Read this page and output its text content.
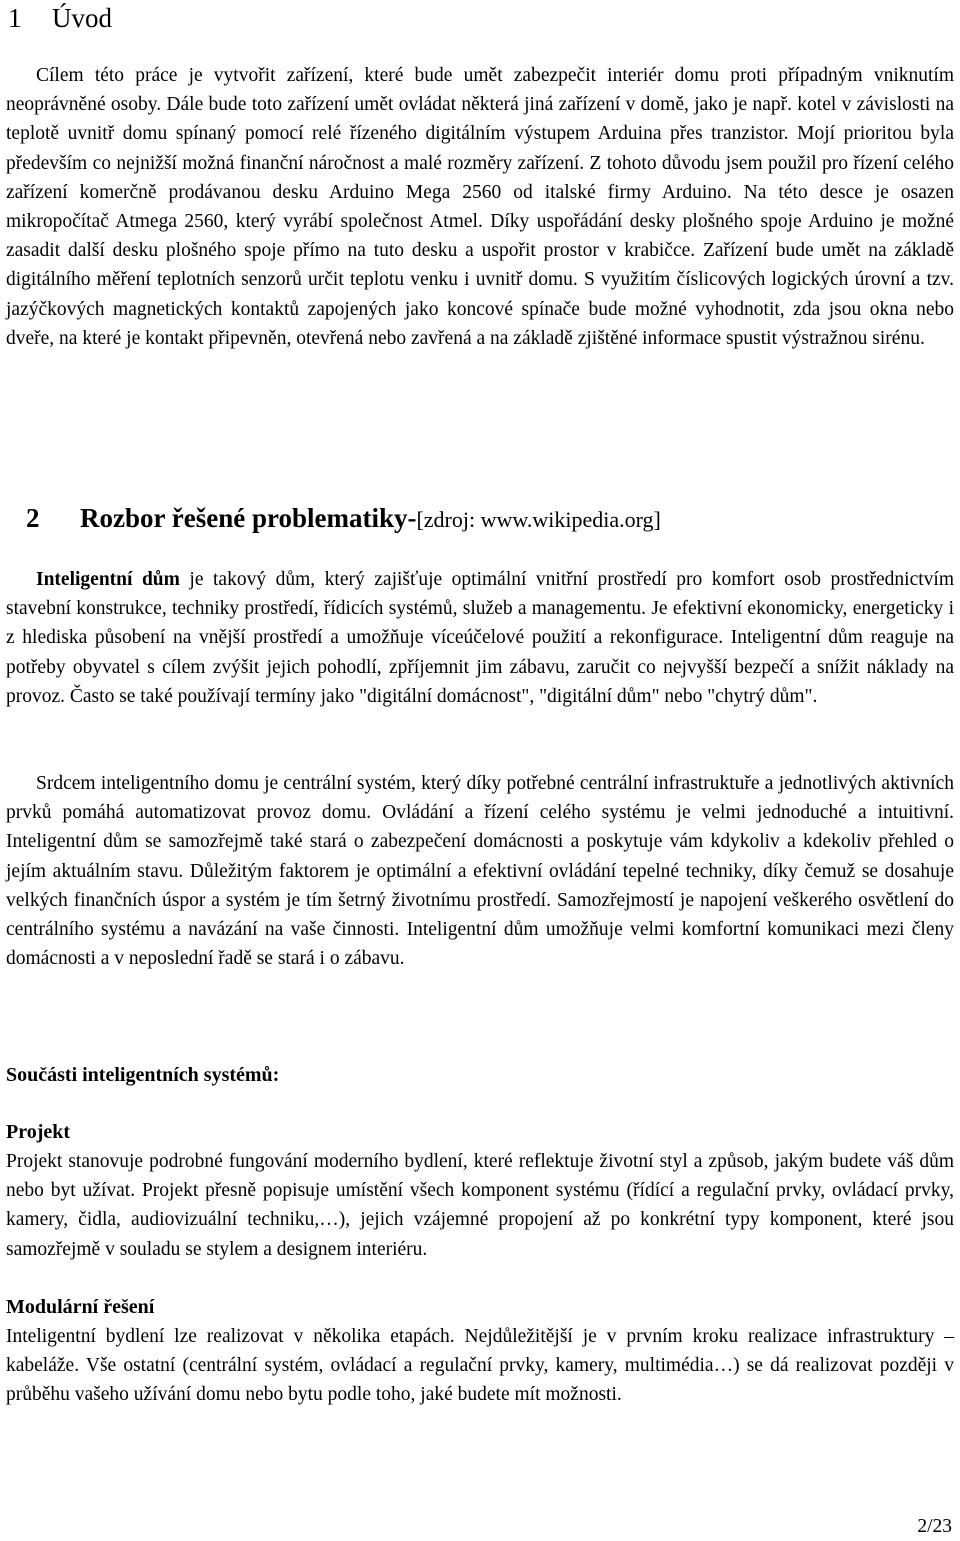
1 Úvod

Cílem této práce je vytvořit zařízení, které bude umět zabezpečit interiér domu proti případným vniknutím neoprávněné osoby. Dále bude toto zařízení umět ovládat některá jiná zařízení v domě, jako je např. kotel v závislosti na teplotě uvnitř domu spínaný pomocí relé řízeného digitálním výstupem Arduina přes tranzistor. Mojí prioritou byla především co nejnižší možná finanční náročnost a malé rozměry zařízení. Z tohoto důvodu jsem použil pro řízení celého zařízení komerčně prodávanou desku Arduino Mega 2560 od italské firmy Arduino. Na této desce je osazen mikropočítač Atmega 2560, který vyrábí společnost Atmel. Díky uspořádání desky plošného spoje Arduino je možné zasadit další desku plošného spoje přímo na tuto desku a uspořit prostor v krabičce. Zařízení bude umět na základě digitálního měření teplotních senzorů určit teplotu venku i uvnitř domu. S využitím číslicových logických úrovní a tzv. jazýčkových magnetických kontaktů zapojených jako koncové spínače bude možné vyhodnotit, zda jsou okna nebo dveře, na které je kontakt připevněn, otevřená nebo zavřená a na základě zjištěné informace spustit výstražnou sirénu.

2 Rozbor řešené problematiky-[zdroj: www.wikipedia.org]

Inteligentní dům je takový dům, který zajišťuje optimální vnitřní prostředí pro komfort osob prostřednictvím stavební konstrukce, techniky prostředí, řídicích systémů, služeb a managementu. Je efektivní ekonomicky, energeticky i z hlediska působení na vnější prostředí a umožňuje víceúčelové použití a rekonfigurace. Inteligentní dům reaguje na potřeby obyvatel s cílem zvýšit jejich pohodlí, zpříjemnit jim zábavu, zaručit co nejvyšší bezpečí a snížit náklady na provoz. Často se také používají termíny jako "digitální domácnost", "digitální dům" nebo "chytrý dům".

Srdcem inteligentního domu je centrální systém, který díky potřebné centrální infrastruktuře a jednotlivých aktivních prvků pomáhá automatizovat provoz domu. Ovládání a řízení celého systému je velmi jednoduché a intuitivní. Inteligentní dům se samozřejmě také stará o zabezpečení domácnosti a poskytuje vám kdykoliv a kdekoliv přehled o jejím aktuálním stavu. Důležitým faktorem je optimální a efektivní ovládání tepelné techniky, díky čemuž se dosahuje velkých finančních úspor a systém je tím šetrný životnímu prostředí. Samozřejmostí je napojení veškerého osvětlení do centrálního systému a navázání na vaše činnosti. Inteligentní dům umožňuje velmi komfortní komunikaci mezi členy domácnosti a v neposlední řadě se stará i o zábavu.

Součásti inteligentních systémů:
Projekt

Projekt stanovuje podrobné fungování moderního bydlení, které reflektuje životní styl a způsob, jakým budete váš dům nebo byt užívat. Projekt přesně popisuje umístění všech komponent systému (řídící a regulační prvky, ovládací prvky, kamery, čidla, audiovizuální techniku,…), jejich vzájemné propojení až po konkrétní typy komponent, které jsou samozřejmě v souladu se stylem a designem interiéru.

Modulární řešení

Inteligentní bydlení lze realizovat v několika etapách. Nejdůležitější je v prvním kroku realizace infrastruktury – kabeláže. Vše ostatní (centrální systém, ovládací a regulační prvky, kamery, multimédia…) se dá realizovat později v průběhu vašeho užívání domu nebo bytu podle toho, jaké budete mít možnosti.

2/23
